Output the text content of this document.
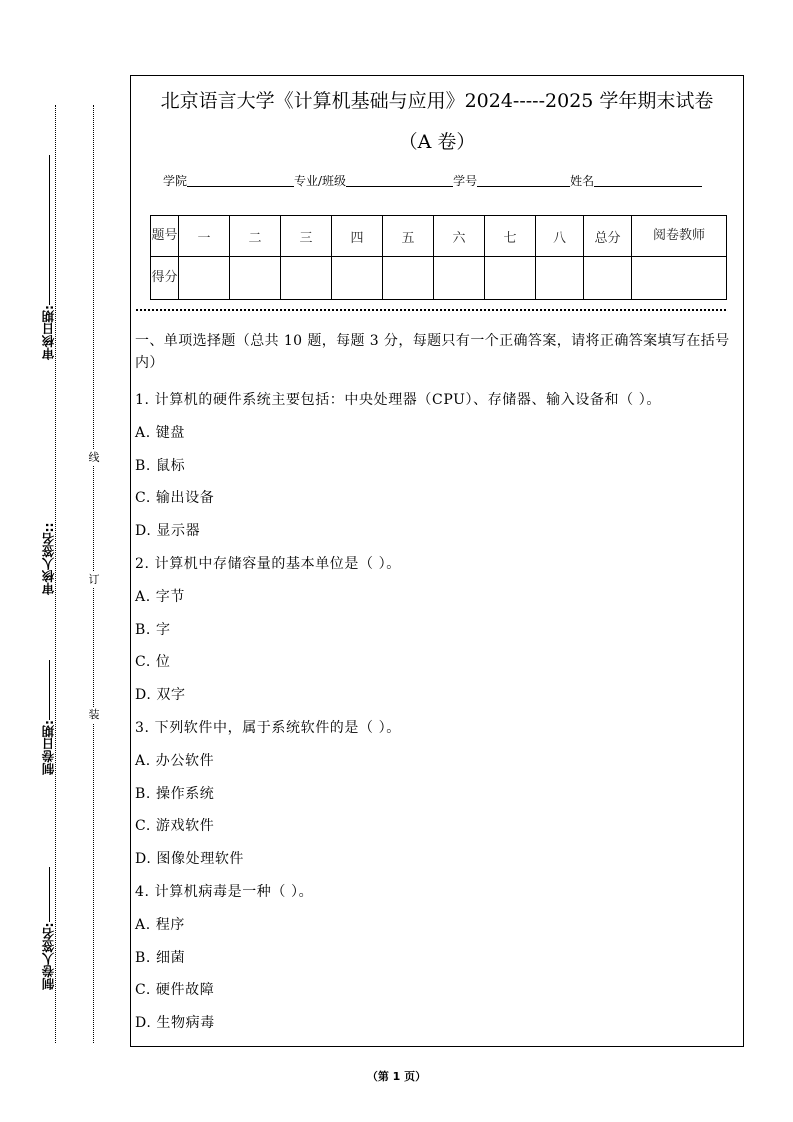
审核日期:
审核人签名::
制卷日期:
制卷人签名:
线
订
装
北京语言大学《计算机基础与应用》2024-----2025 学年期末试卷
（A 卷）
学院	专业/班级	学号	姓名
题号	一	二	三	四	五	六	七	八	总分	阅卷教师
得分										
一、单项选择题（总共 10 题，每题 3 分，每题只有一个正确答案，请将正确答案填写在括号内）
1. 计算机的硬件系统主要包括：中央处理器（CPU）、存储器、输入设备和（ ）。
A. 键盘
B. 鼠标
C. 输出设备
D. 显示器
2. 计算机中存储容量的基本单位是（ ）。
A. 字节
B. 字
C. 位
D. 双字
3. 下列软件中，属于系统软件的是（ ）。
A. 办公软件
B. 操作系统
C. 游戏软件
D. 图像处理软件
4. 计算机病毒是一种（ ）。
A. 程序
B. 细菌
C. 硬件故障
D. 生物病毒
（第 1 页）
